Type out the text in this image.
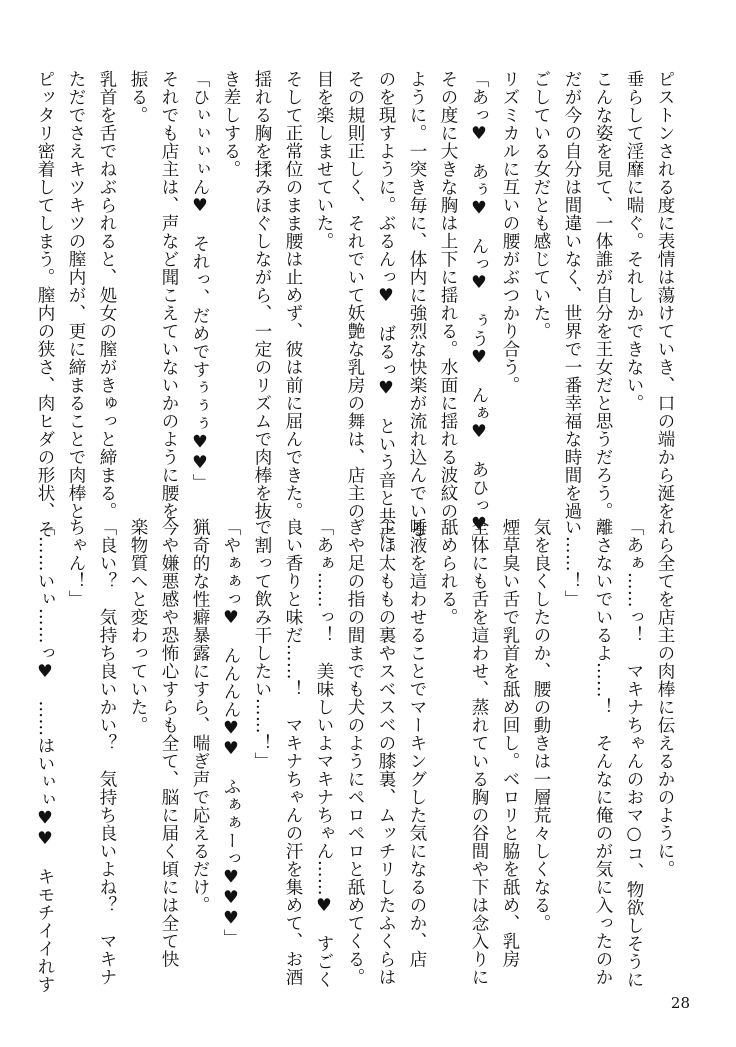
ピストンされる度に表情は蕩けていき、口の端から涎を
垂らして淫靡に喘ぐ。それしかできない。
こんな姿を見て、一体誰が自分を王女だと思うだろう。
だが今の自分は間違いなく、世界で一番幸福な時間を過
ごしている女だとも感じていた。
リズミカルに互いの腰がぶつかり合う。
「あっ♥　あぅ♥　んっ♥　ぅう♥　んぁ♥　あひっ♥」
その度に大きな胸は上下に揺れる。水面に揺れる波紋の
ように。一突き毎に、体内に強烈な快楽が流れ込んでいる
のを現すように。ぶるんっ♥　ばるっ♥　という音と共に。
その規則正しく、それでいて妖艶な乳房の舞は、店主の
目を楽しませていた。
そして正常位のまま腰は止めず、彼は前に屈んできた。
揺れる胸を揉みほぐしながら、一定のリズムで肉棒を抜
き差しする。
「ひぃぃぃぃん♥　それっ、だめですぅぅぅ♥♥」
それでも店主は、声など聞こえていないかのように腰を
振る。
乳首を舌でねぶられると、処女の膣がきゅっと締まる。
ただでさえキツキツの膣内が、更に締まることで肉棒と
ピッタリ密着してしまう。膣内の狭さ、肉ヒダの形状、そ
れら全てを店主の肉棒に伝えるかのように。
「あぁ……っ！　マキナちゃんのおマ○コ、物欲しそうに
離さないでいるよ……！　そんなに俺のが気に入ったのか
い……！」
気を良くしたのか、腰の動きは一層荒々しくなる。
煙草臭い舌で乳首を舐め回し。ベロリと脇を舐め、乳房
全体にも舌を這わせ、蒸れている胸の谷間や下は念入りに
舐められる。
唾液を這わせることでマーキングした気になるのか、店
主は太ももの裏やスベスベの膝裏、ムッチリしたふくらは
ぎや足の指の間までも犬のようにペロペロと舐めてくる。
「あぁ……っ！　美味しいよマキナちゃん……♥　すごく
良い香りと味だ……！　マキナちゃんの汗を集めて、お酒
で割って飲み干したい……！」
「やぁぁっ♥　んんんん♥♥　ふぁぁーっ♥♥♥」
猟奇的な性癖暴露にすら、喘ぎ声で応えるだけ。
今や嫌悪感や恐怖心すらも全て、脳に届く頃には全て快
楽物質へと変わっていた。
「良い？　気持ち良いかい？　気持ち良いよね？　マキナ
ちゃん！」
「……いぃ……っ♥　……はいぃぃ♥♥　キモチイイれす
28
